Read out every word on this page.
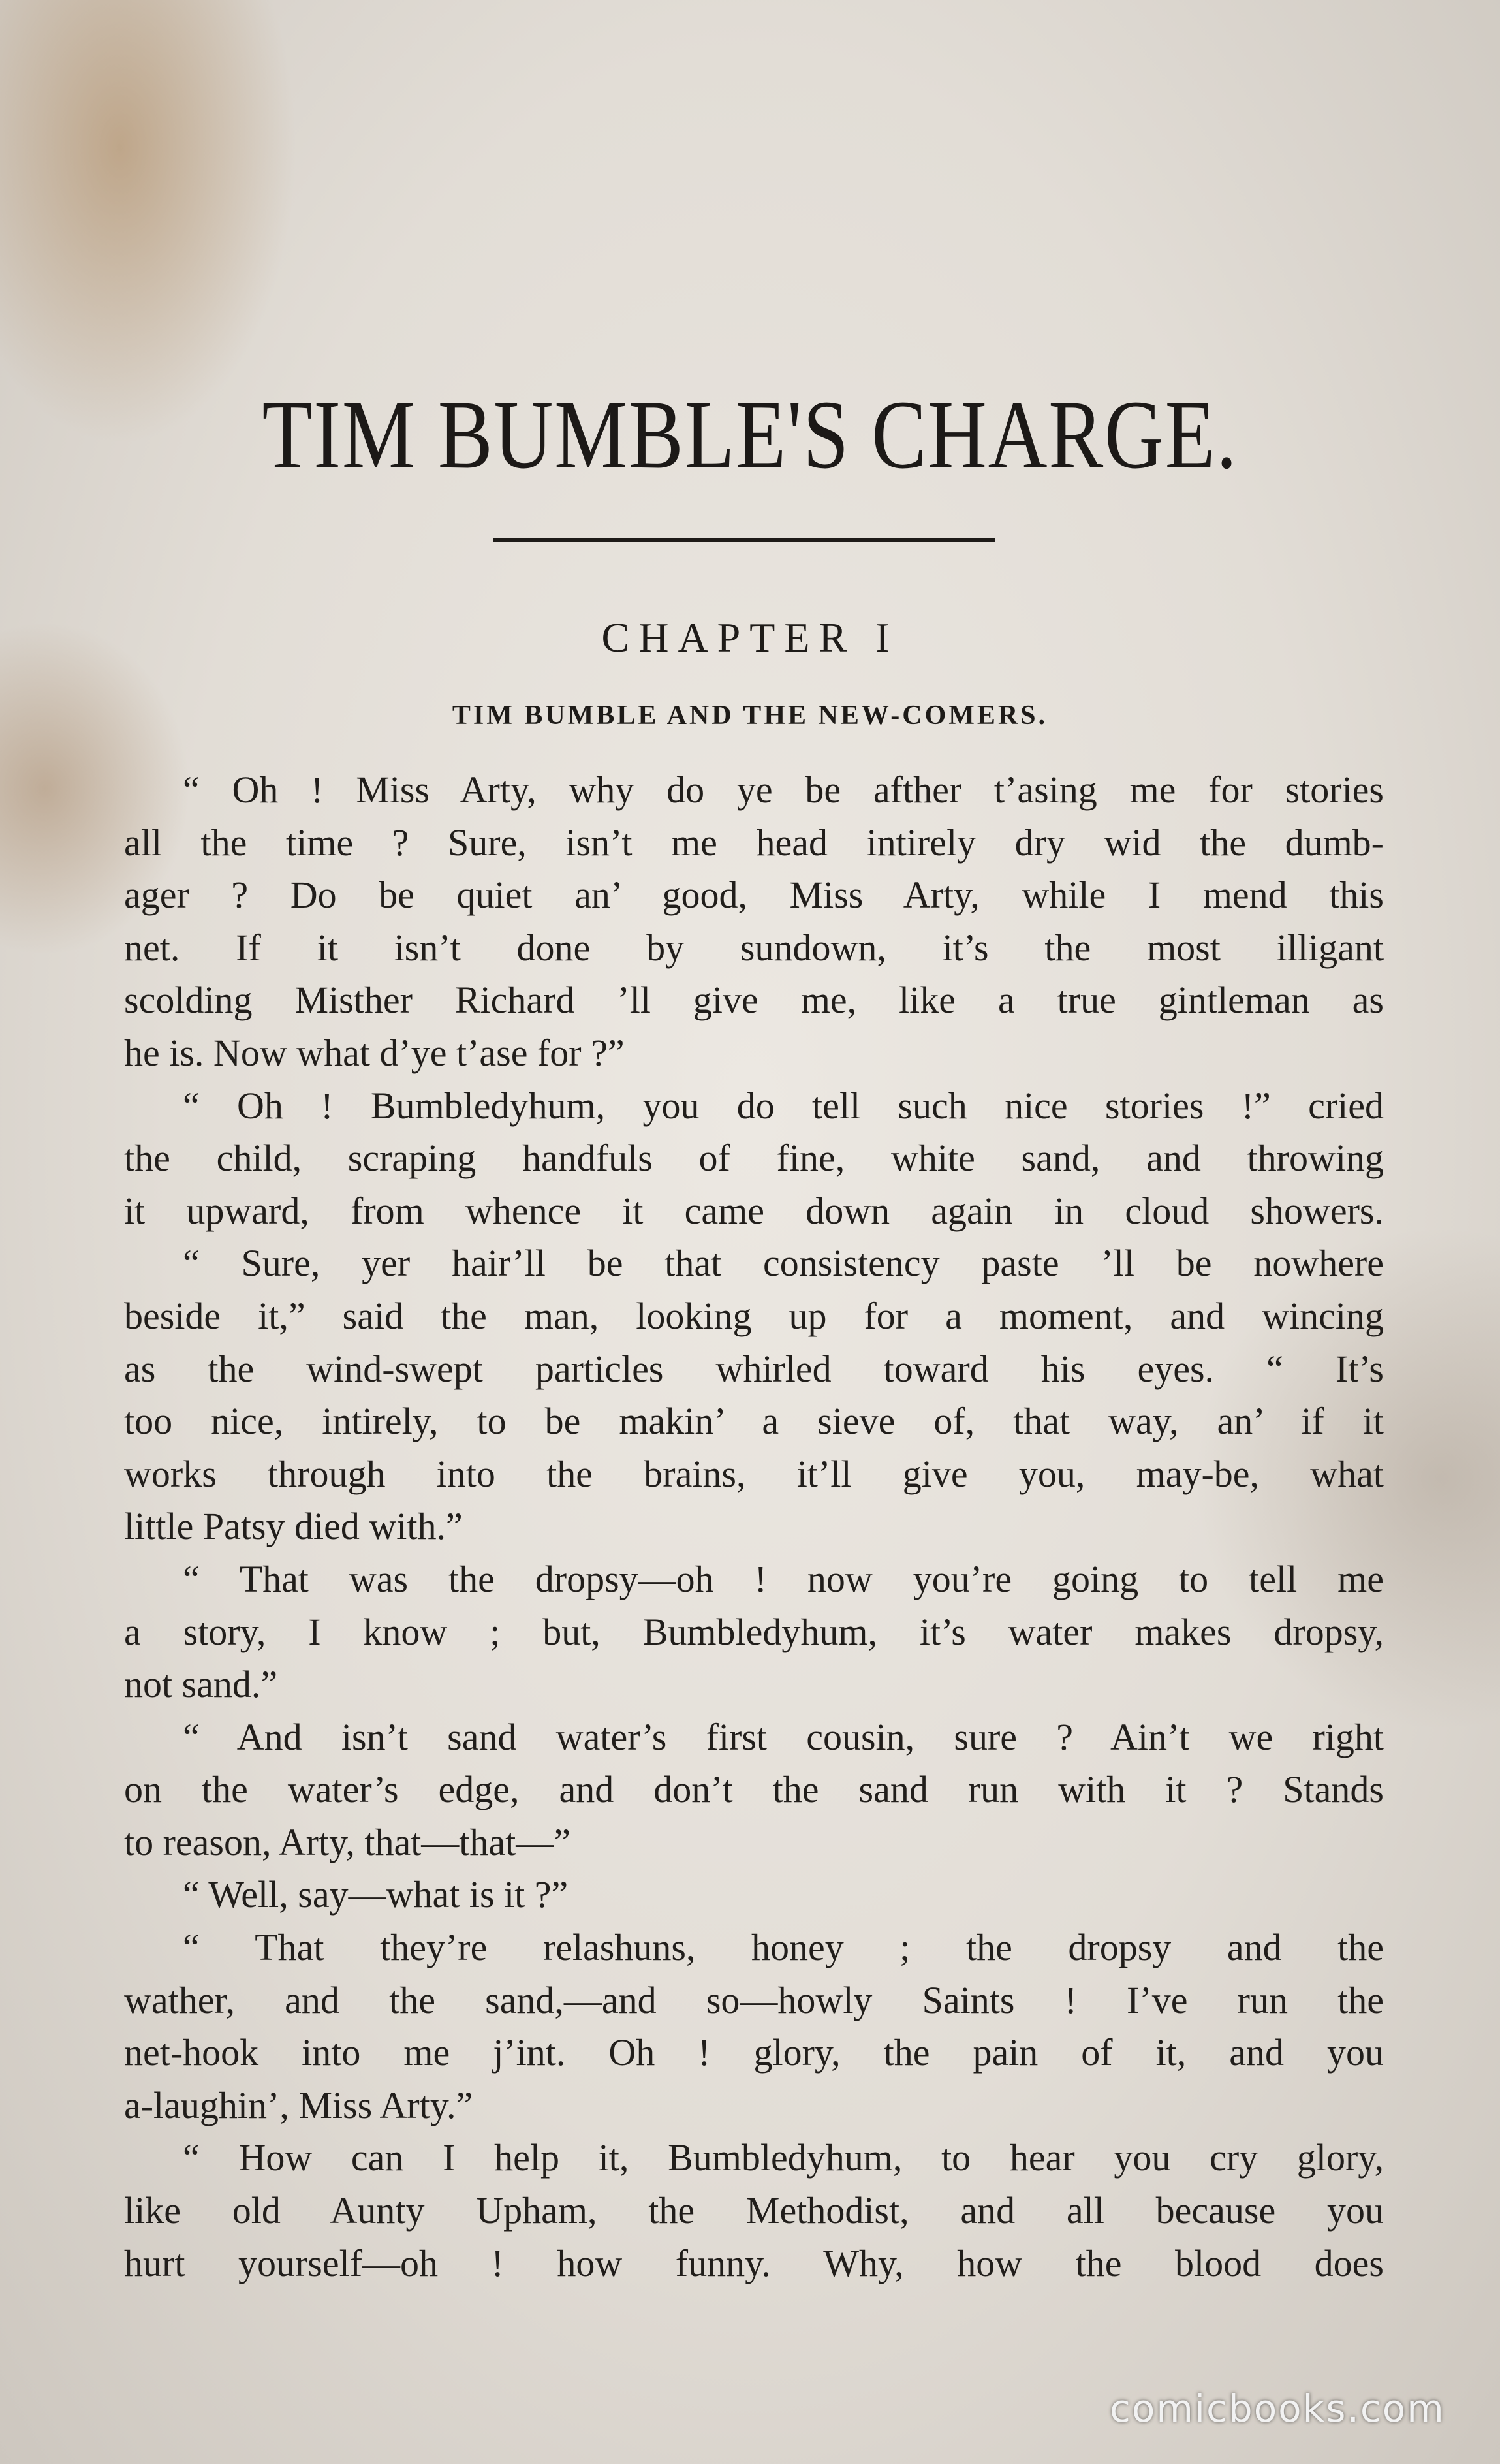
TIM BUMBLE'S CHARGE.
CHAPTER I
TIM BUMBLE AND THE NEW-COMERS.
“ Oh ! Miss Arty, why do ye be afther t’asing me for stories
all the time ? Sure, isn’t me head intirely dry wid the dumb-
ager ? Do be quiet an’ good, Miss Arty, while I mend this
net. If it isn’t done by sundown, it’s the most illigant
scolding Misther Richard ’ll give me, like a true gintleman as
he is. Now what d’ye t’ase for ?”
“ Oh ! Bumbledyhum, you do tell such nice stories !” cried
the child, scraping handfuls of fine, white sand, and throwing
it upward, from whence it came down again in cloud showers.
“ Sure, yer hair’ll be that consistency paste ’ll be nowhere
beside it,” said the man, looking up for a moment, and wincing
as the wind-swept particles whirled toward his eyes. “ It’s
too nice, intirely, to be makin’ a sieve of, that way, an’ if it
works through into the brains, it’ll give you, may-be, what
little Patsy died with.”
“ That was the dropsy—oh ! now you’re going to tell me
a story, I know ; but, Bumbledyhum, it’s water makes dropsy,
not sand.”
“ And isn’t sand water’s first cousin, sure ? Ain’t we right
on the water’s edge, and don’t the sand run with it ? Stands
to reason, Arty, that—that—”
“ Well, say—what is it ?”
“ That they’re relashuns, honey ; the dropsy and the
wather, and the sand,—and so—howly Saints ! I’ve run the
net-hook into me j’int. Oh ! glory, the pain of it, and you
a-laughin’, Miss Arty.”
“ How can I help it, Bumbledyhum, to hear you cry glory,
like old Aunty Upham, the Methodist, and all because you
hurt yourself—oh ! how funny. Why, how the blood does
comicbooks.com
